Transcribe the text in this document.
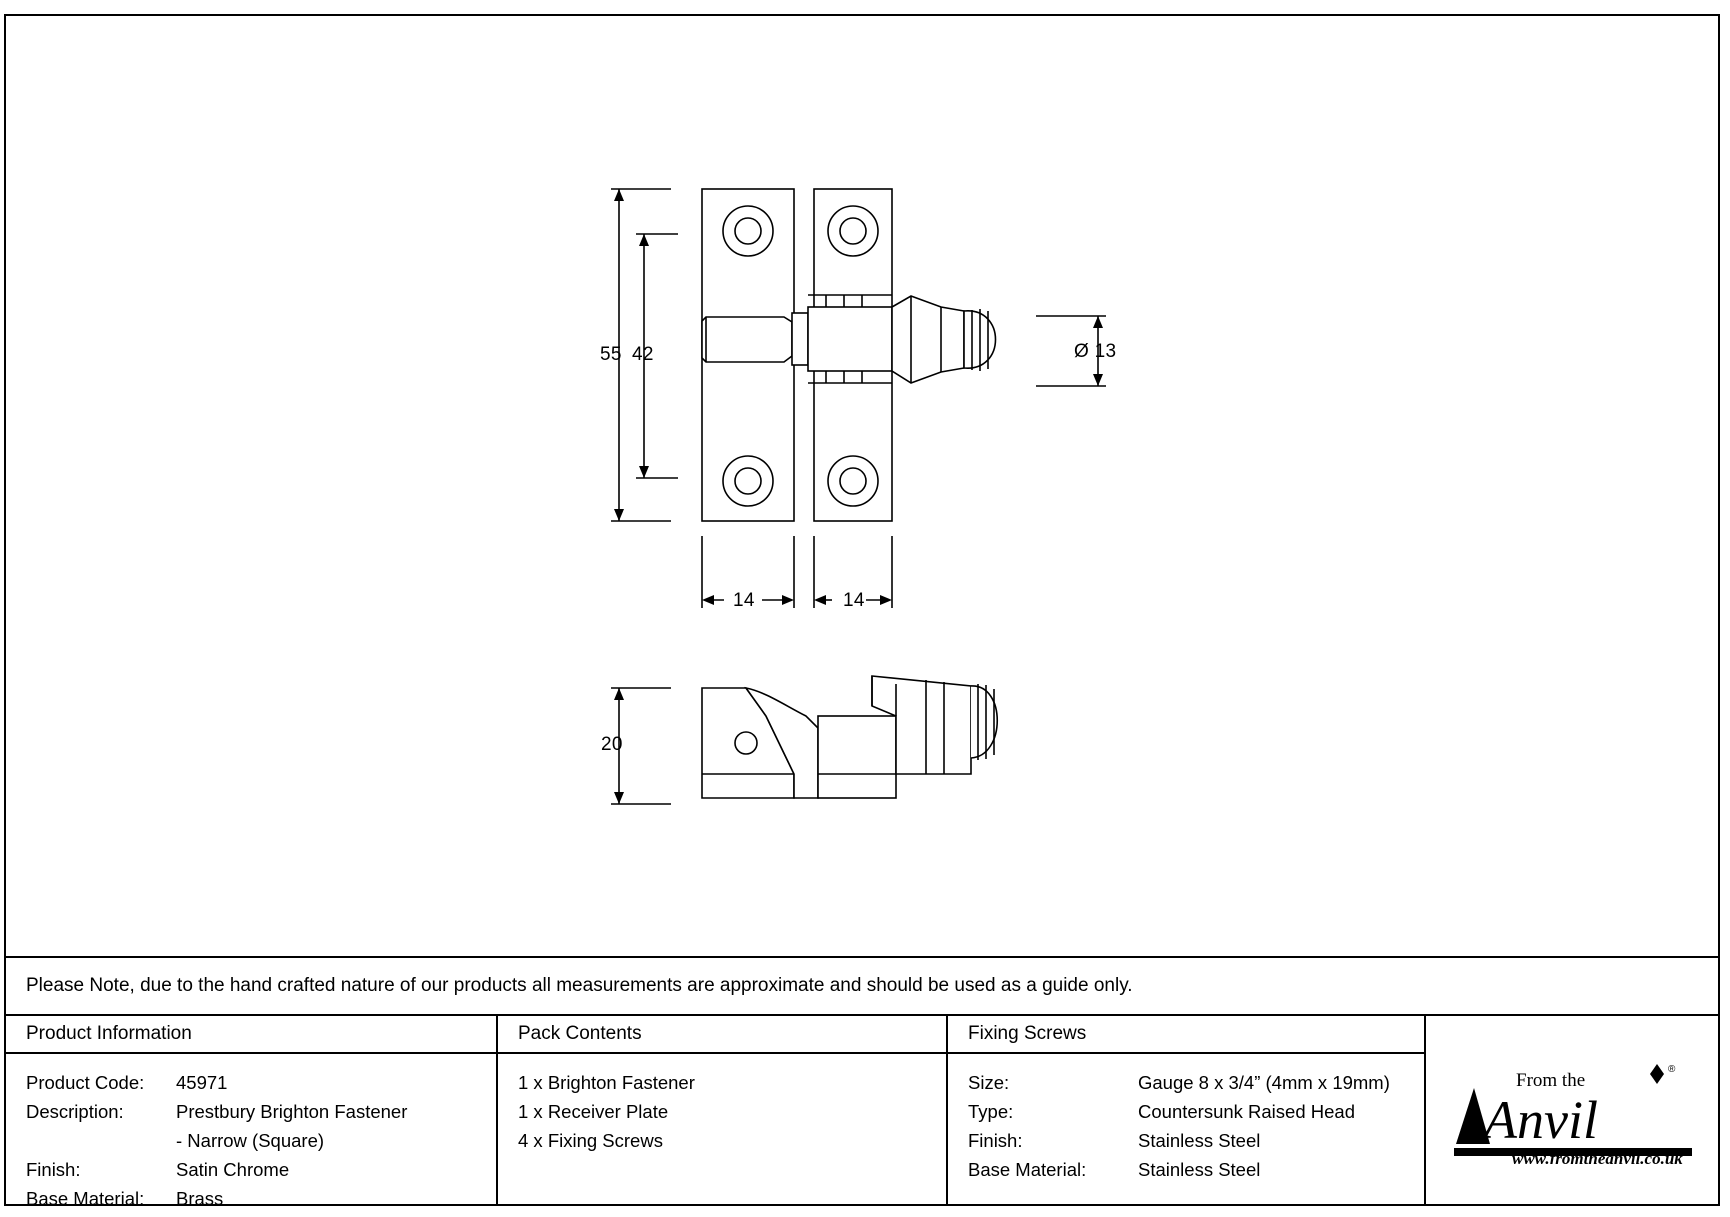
55 42	Ø 13
14	14
20
Please Note, due to the hand crafted nature of our products all measurements are approximate and should be used as a guide only.
Product Information
Product Code:	45971
Description:	Prestbury Brighton Fastener
- Narrow (Square)
Finish:	Satin Chrome
Base Material:	Brass
Pack Contents
1 x Brighton Fastener
1 x Receiver Plate
4 x Fixing Screws
Fixing Screws
Size:	Gauge 8 x 3/4” (4mm x 19mm)
Type:	Countersunk Raised Head
Finish:	Stainless Steel
Base Material:	Stainless Steel
From the
Anvil
®
www.fromtheanvil.co.uk
